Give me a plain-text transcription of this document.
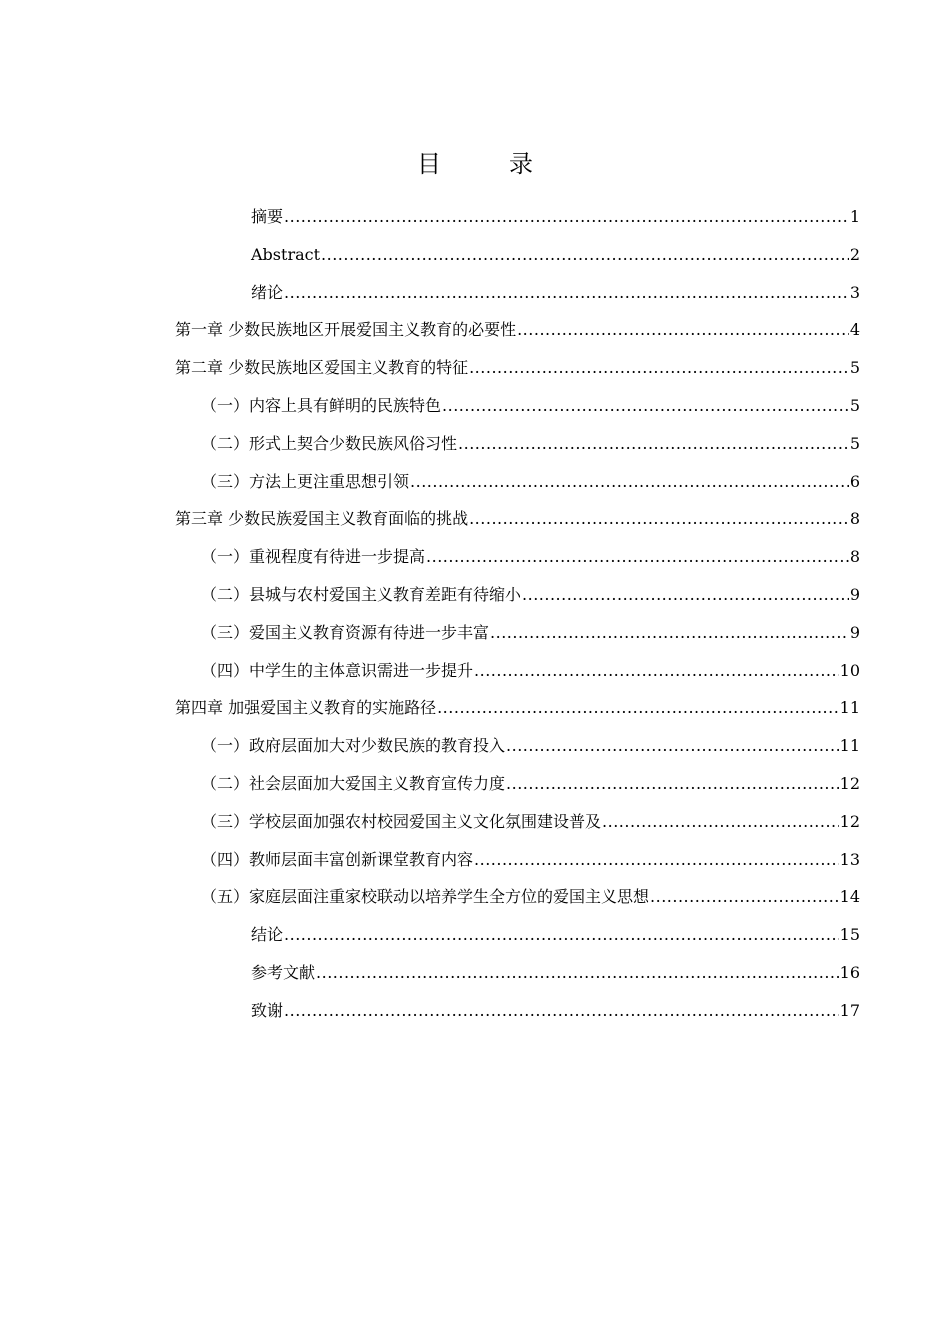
目　录
摘要 .....	1
Abstract .....	2
绪论 .....	3
第一章 少数民族地区开展爱国主义教育的必要性 .....	4
第二章 少数民族地区爱国主义教育的特征 .....	5
（一）内容上具有鲜明的民族特色 .....	5
（二）形式上契合少数民族风俗习性 .....	5
（三）方法上更注重思想引领 .....	6
第三章 少数民族爱国主义教育面临的挑战 .....	8
（一）重视程度有待进一步提高 .....	8
（二）县城与农村爱国主义教育差距有待缩小 .....	9
（三）爱国主义教育资源有待进一步丰富 .....	9
（四）中学生的主体意识需进一步提升 .....	10
第四章 加强爱国主义教育的实施路径 .....	11
（一）政府层面加大对少数民族的教育投入 .....	11
（二）社会层面加大爱国主义教育宣传力度 .....	12
（三）学校层面加强农村校园爱国主义文化氛围建设普及 .....	12
（四）教师层面丰富创新课堂教育内容 .....	13
（五）家庭层面注重家校联动以培养学生全方位的爱国主义思想 .....	14
结论 .....	15
参考文献 .....	16
致谢 .....	17
